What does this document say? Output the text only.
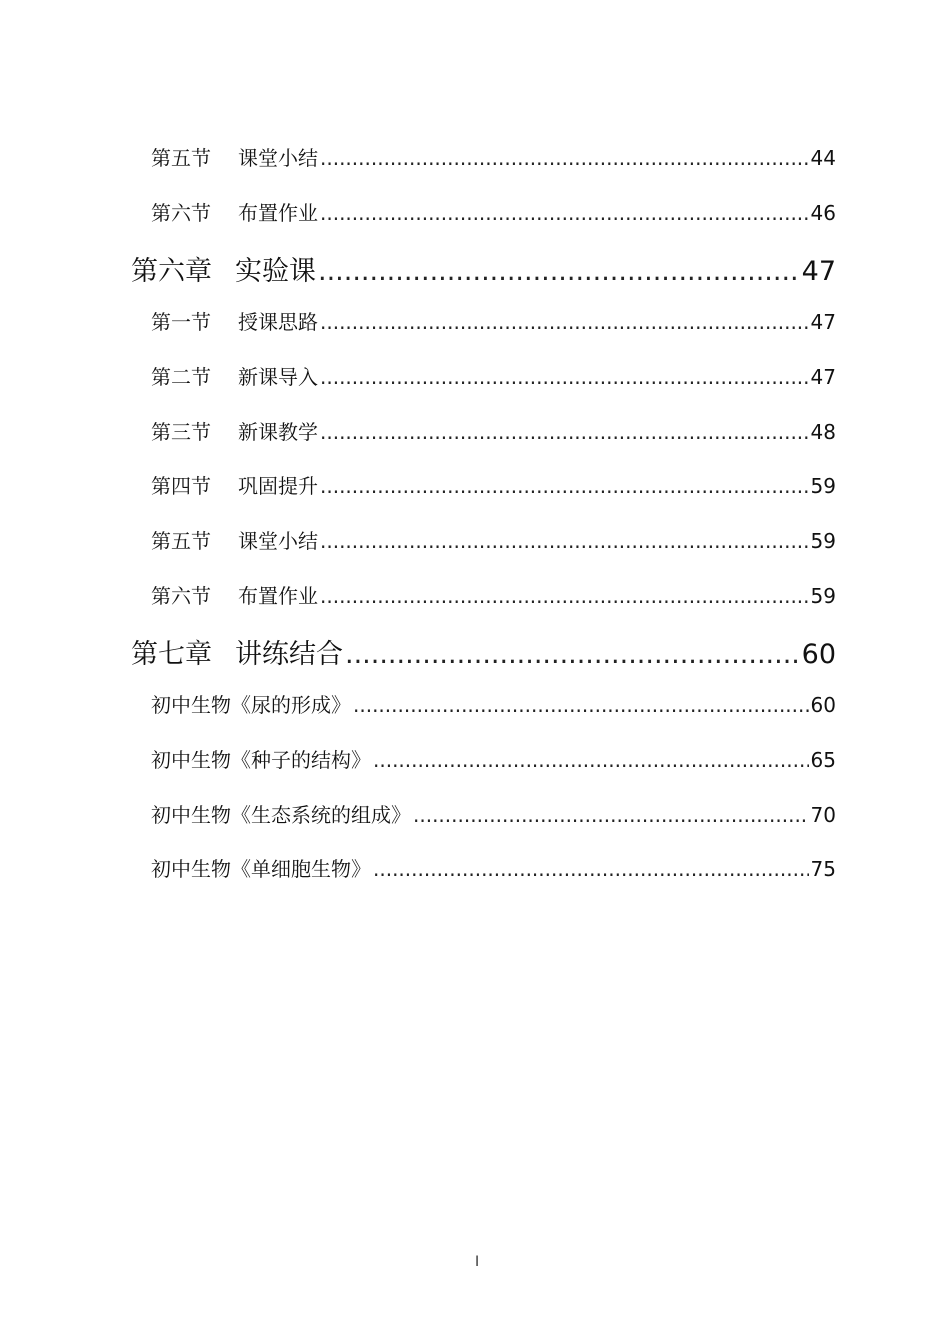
第五节	课堂小结 .....	44
第六节	布置作业 .....	46
第六章 实验课 .....	47
第一节	授课思路 .....	47
第二节	新课导入 .....	47
第三节	新课教学 .....	48
第四节	巩固提升 .....	59
第五节	课堂小结 .....	59
第六节	布置作业 .....	59
第七章 讲练结合 .....	60
初中生物《尿的形成》 .....	60
初中生物《种子的结构》 .....	65
初中生物《生态系统的组成》 .....	70
初中生物《单细胞生物》 .....	75
I
